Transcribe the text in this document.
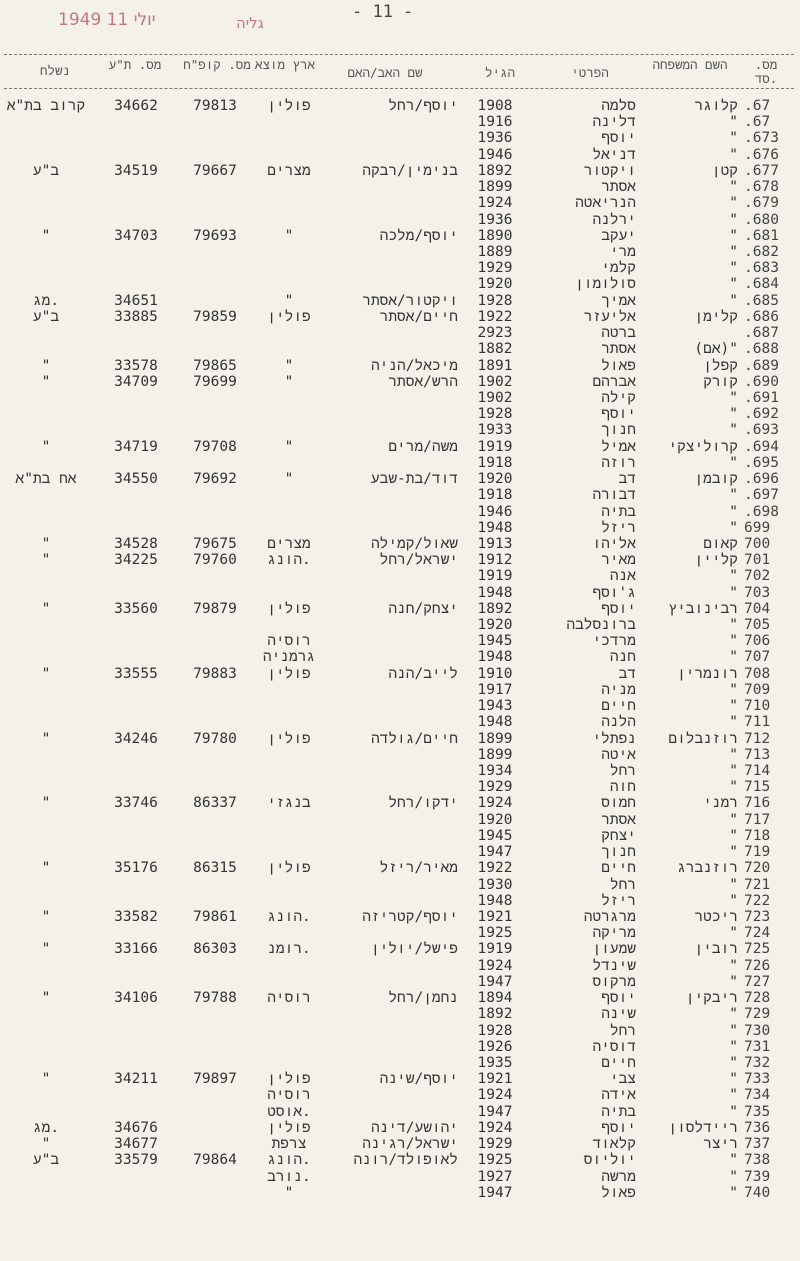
1949 יולי 11	גליה
- 11 -
נשלח	מס. ת"ע	מס. קופ"ח ארץ מוצא
שם האב/האם	הגיל	הפרטי
השם המשפחה	מס. סד.
קרוב בת"א	34662	79813	פולין	יוסף/רחל	1908	סלמה	קלוגר .67
1916	דלינה	" .67
1936	יוסף	" .673
1946	דניאל	" .676
ב"ע	34519	79667	מצרים	בנימין/רבקה	1892	ויקטור	קטן .677
1899	אסתר	" .678
1924	הנריאטה	" .679
1936	ירלנה	" .680
"	34703	79693	"	יוסף/מלכה	1890	יעקב	" .681
1889	מרי	" .682
1929	קלמי	" .683
1920	סולומון	" .684
מג.	34651	"	ויקטור/אסתר	1928	אמיך	" .685
ב"ע	33885	79859	פולין	חיים/אסתר	1922	אליעזר	קלימן .686
2923	ברטה	.687
1882	אסתר	"(אם) .688
"	33578	79865	"	מיכאל/הניה	1891	פאול	קפלן .689
"	34709	79699	"	הרש/אסתר	1902	אברהם	קורק .690
1902	קילה	" .691
1928	יוסף	" .692
1933	חנוך	" .693
"	34719	79708	"	משה/מרים	1919	אמיל	קרוליצקי .694
1918	רוזה	" .695
אח בת"א	34550	79692	"	דוד/בת-שבע	1920	דב	קובמן .696
1918	דבורה	" .697
1946	בתיה	" .698
1948	ריזל	" 699
"	34528	79675	מצרים	שאול/קמילה	1913	אליהו	קאום 700
"	34225	79760	הונג.	ישראל/רחל	1912	מאיר	קליין 701
1919	אנה	" 702
1948	ג'וסף	" 703
"	33560	79879	פולין	יצחק/חנה	1892	יוסף	רבינוביץ 704
1920	ברונסלבה	" 705
רוסיה	1945	מרדכי	" 706
גרמניה	1948	חנה	" 707
"	33555	79883	פולין	לייב/הנה	1910	דב	רונמרין 708
1917	מניה	" 709
1943	חיים	" 710
1948	הלנה	" 711
"	34246	79780	פולין	חיים/גולדה	1899	נפתלי	רוזנבלום 712
1899	איטה	" 713
1934	רחל	" 714
1929	חוה	" 715
"	33746	86337	בנגזי	ידקו/רחל	1924	חמוס	רמני 716
1920	אסתר	" 717
1945	יצחק	" 718
1947	חנוך	" 719
"	35176	86315	פולין	מאיר/ריזל	1922	חיים	רוזנברג 720
1930	רחל	" 721
1948	ריזל	" 722
"	33582	79861	הונג.	יוסף/קטריזה	1921	מרגרטה	ריכטר 723
1925	מריקה	" 724
"	33166	86303	רומנ.	פישל/יולין	1919	שמעון	רובין 725
1924	שינדל	" 726
1947	מרקוס	" 727
"	34106	79788	רוסיה	נחמן/רחל	1894	יוסף	ריבקין 728
1892	שינה	" 729
1928	רחל	" 730
1926	דוסיה	" 731
1935	חיים	" 732
"	34211	79897	פולין	יוסף/שינה	1921	צבי	" 733
רוסיה	1924	אידה	" 734
אוסט.	1947	בתיה	" 735
מג.	34676	פולין	יהושע/דינה	1924	יוסף	ריידלסון 736
"	34677	צרפת	ישראל/רגינה	1929	קלאוד	ריצר 737
ב"ע	33579	79864	הונג.	לאופולד/רונה	1925	יוליוס	" 738
נורב.	1927	מרשה	" 739
"	1947	פאול	" 740
